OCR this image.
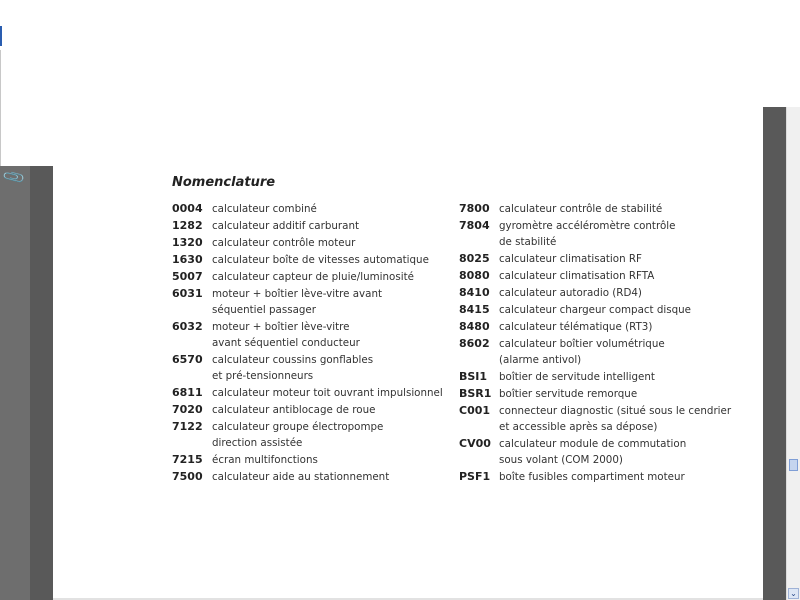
📎	Nomenclature
0004 calculateur combiné
1282 calculateur additif carburant
1320 calculateur contrôle moteur
1630 calculateur boîte de vitesses automatique
5007 calculateur capteur de pluie/luminosité
6031 moteur + boîtier lève-vitre avant
séquentiel passager
6032 moteur + boîtier lève-vitre
avant séquentiel conducteur
6570 calculateur coussins gonflables
et pré-tensionneurs
6811 calculateur moteur toit ouvrant impulsionnel
7020 calculateur antiblocage de roue
7122 calculateur groupe électropompe
direction assistée
7215 écran multifonctions
7500 calculateur aide au stationnement
7800 calculateur contrôle de stabilité
7804 gyromètre accéléromètre contrôle
de stabilité
8025 calculateur climatisation RF
8080 calculateur climatisation RFTA
8410 calculateur autoradio (RD4)
8415 calculateur chargeur compact disque
8480 calculateur télématique (RT3)
8602 calculateur boîtier volumétrique
(alarme antivol)
BSI1	boîtier de servitude intelligent
BSR1 boîtier servitude remorque
C001 connecteur diagnostic (situé sous le cendrier
et accessible après sa dépose)
CV00 calculateur module de commutation
sous volant (COM 2000)
PSF1 boîte fusibles compartiment moteur
⌄
